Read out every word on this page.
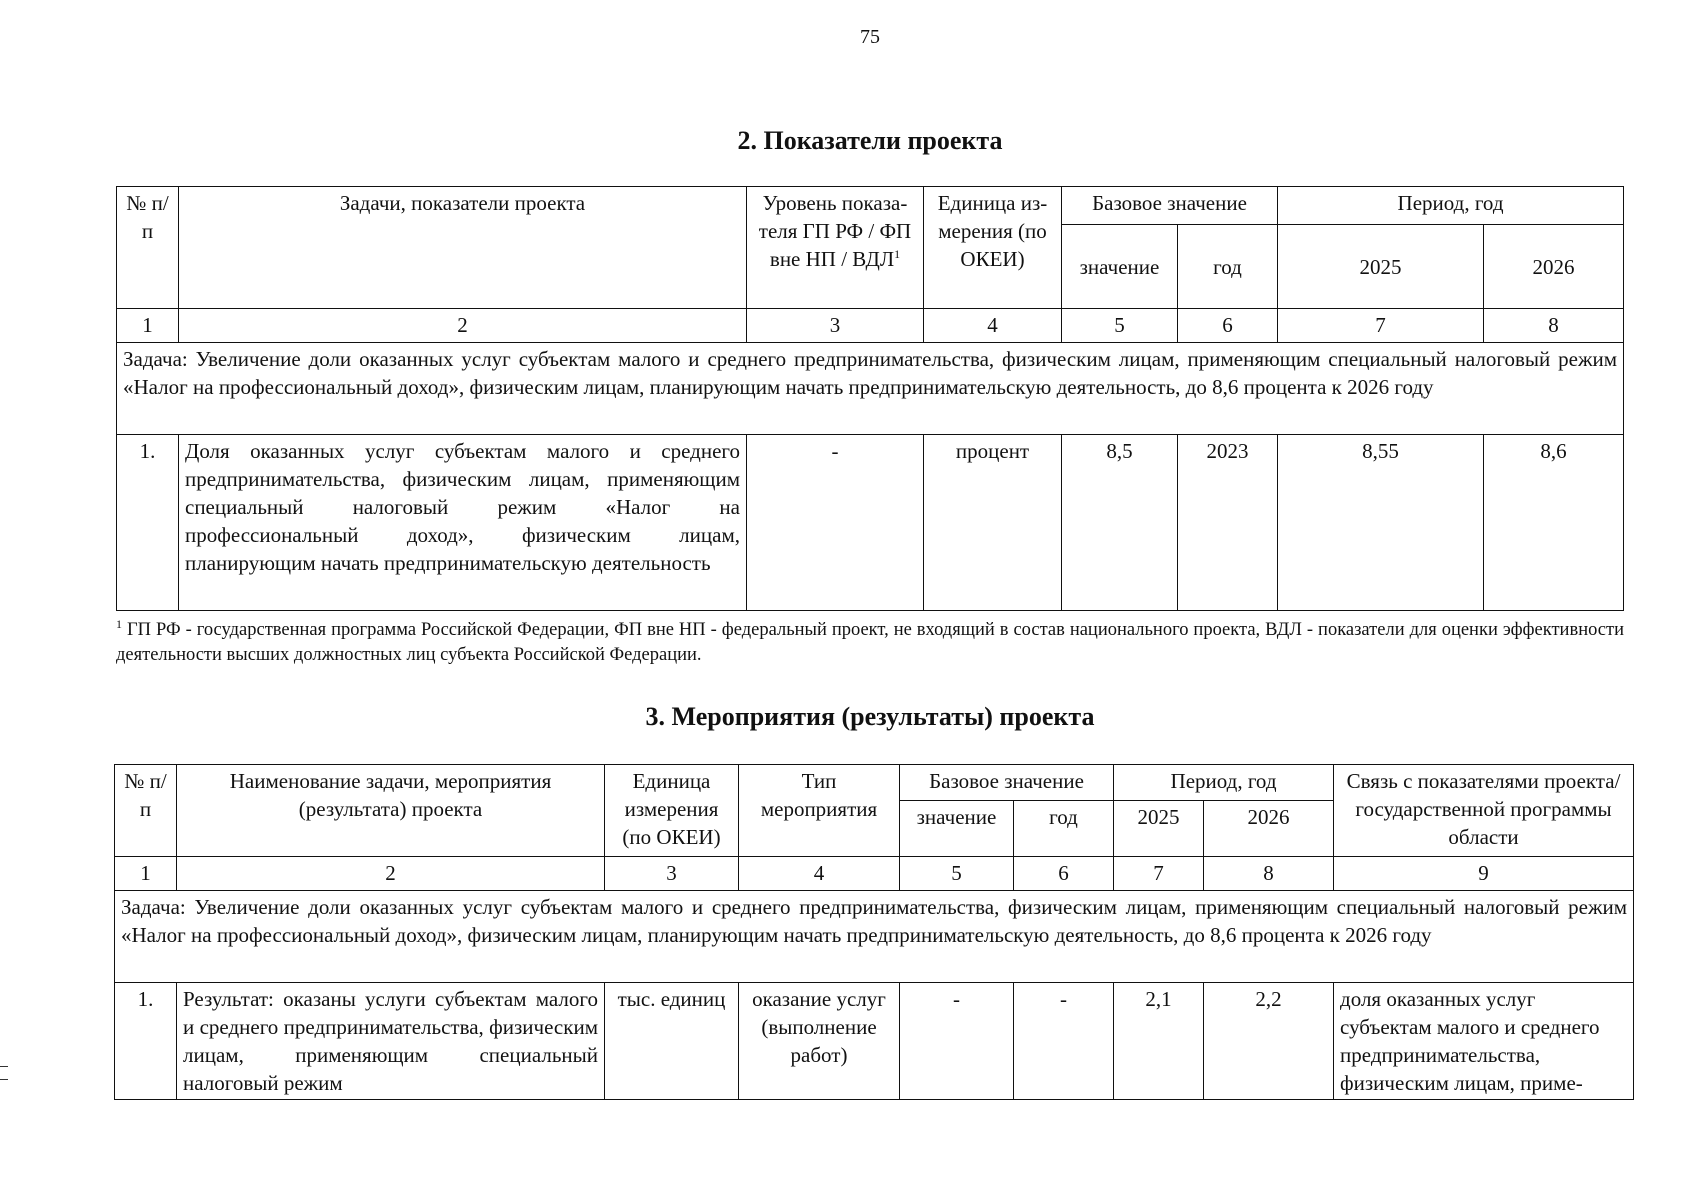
75
2. Показатели проекта
№ п/п	Задачи, показатели проекта	Уровень показа-теля ГП РФ / ФП вне НП / ВДЛ$^1$	Единица из-мерения (по ОКЕИ)	Базовое значение		Период, год	
				значение	год	2025	2026
1	2	3	4	5	6	7	8
Задача: Увеличение доли оказанных услуг субъектам малого и среднего предпринимательства, физическим лицам, применяющим специальный налоговый режим «Налог на профессиональный доход», физическим лицам, планирующим начать предпринимательскую деятельность, до 8,6 процента к 2026 году							
1.	Доля оказанных услуг субъектам малого и среднего предпринимательства, физическим лицам, применяющим специальный налоговый режим «Налог на профессиональный доход», физическим лицам, планирующим начать предпринимательскую деятельность	-	процент	8,5	2023	8,55	8,6
$^1$ ГП РФ - государственная программа Российской Федерации, ФП вне НП - федеральный проект, не входящий в состав национального проекта, ВДЛ - показатели для оценки эффективности деятельности высших должностных лиц субъекта Российской Федерации.
3. Мероприятия (результаты) проекта
№ п/п	Наименование задачи, мероприятия (результата) проекта	Единица измерения (по ОКЕИ)	Тип мероприятия	Базовое значение		Период, год		Связь с показателями проекта/государственной программы области
				значение	год	2025	2026	
1	2	3	4	5	6	7	8	9
Задача: Увеличение доли оказанных услуг субъектам малого и среднего предпринимательства, физическим лицам, применяющим специальный налоговый режим «Налог на профессиональный доход», физическим лицам, планирующим начать предпринимательскую деятельность, до 8,6 процента к 2026 году								
1.	Результат: оказаны услуги субъектам малого и среднего предпринимательства, физическим лицам, применяющим специальный налоговый режим	тыс. единиц	оказание услуг (выполнение работ)	-	-	2,1	2,2	доля оказанных услуг субъектам малого и среднего предпринимательства, физическим лицам, приме-
